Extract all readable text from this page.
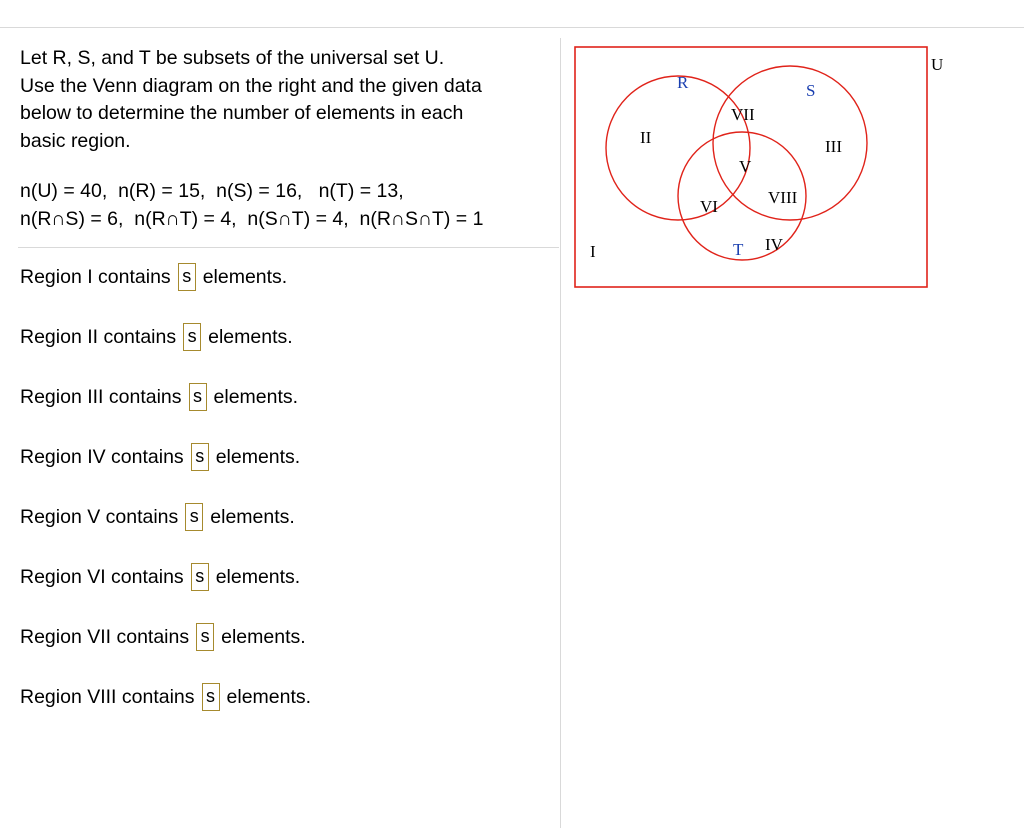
Let R, S, and T be subsets of the universal set U.

Use the Venn diagram on the right and the given data

below to determine the number of elements in each

basic region.

n(U) = 40,  n(R) = 15,  n(S) = 16,   n(T) = 13,
n(R∩S) = 6,  n(R∩T) = 4,  n(S∩T) = 4,  n(R∩S∩T) = 1
Region I contains s elements.
Region II contains s elements.
Region III contains s elements.
Region IV contains s elements.
Region V contains s elements.
Region VI contains s elements.
Region VII contains s elements.
Region VIII contains s elements.
U
R	S
T
I
II	III
IV
V
VI
VII
VIII
